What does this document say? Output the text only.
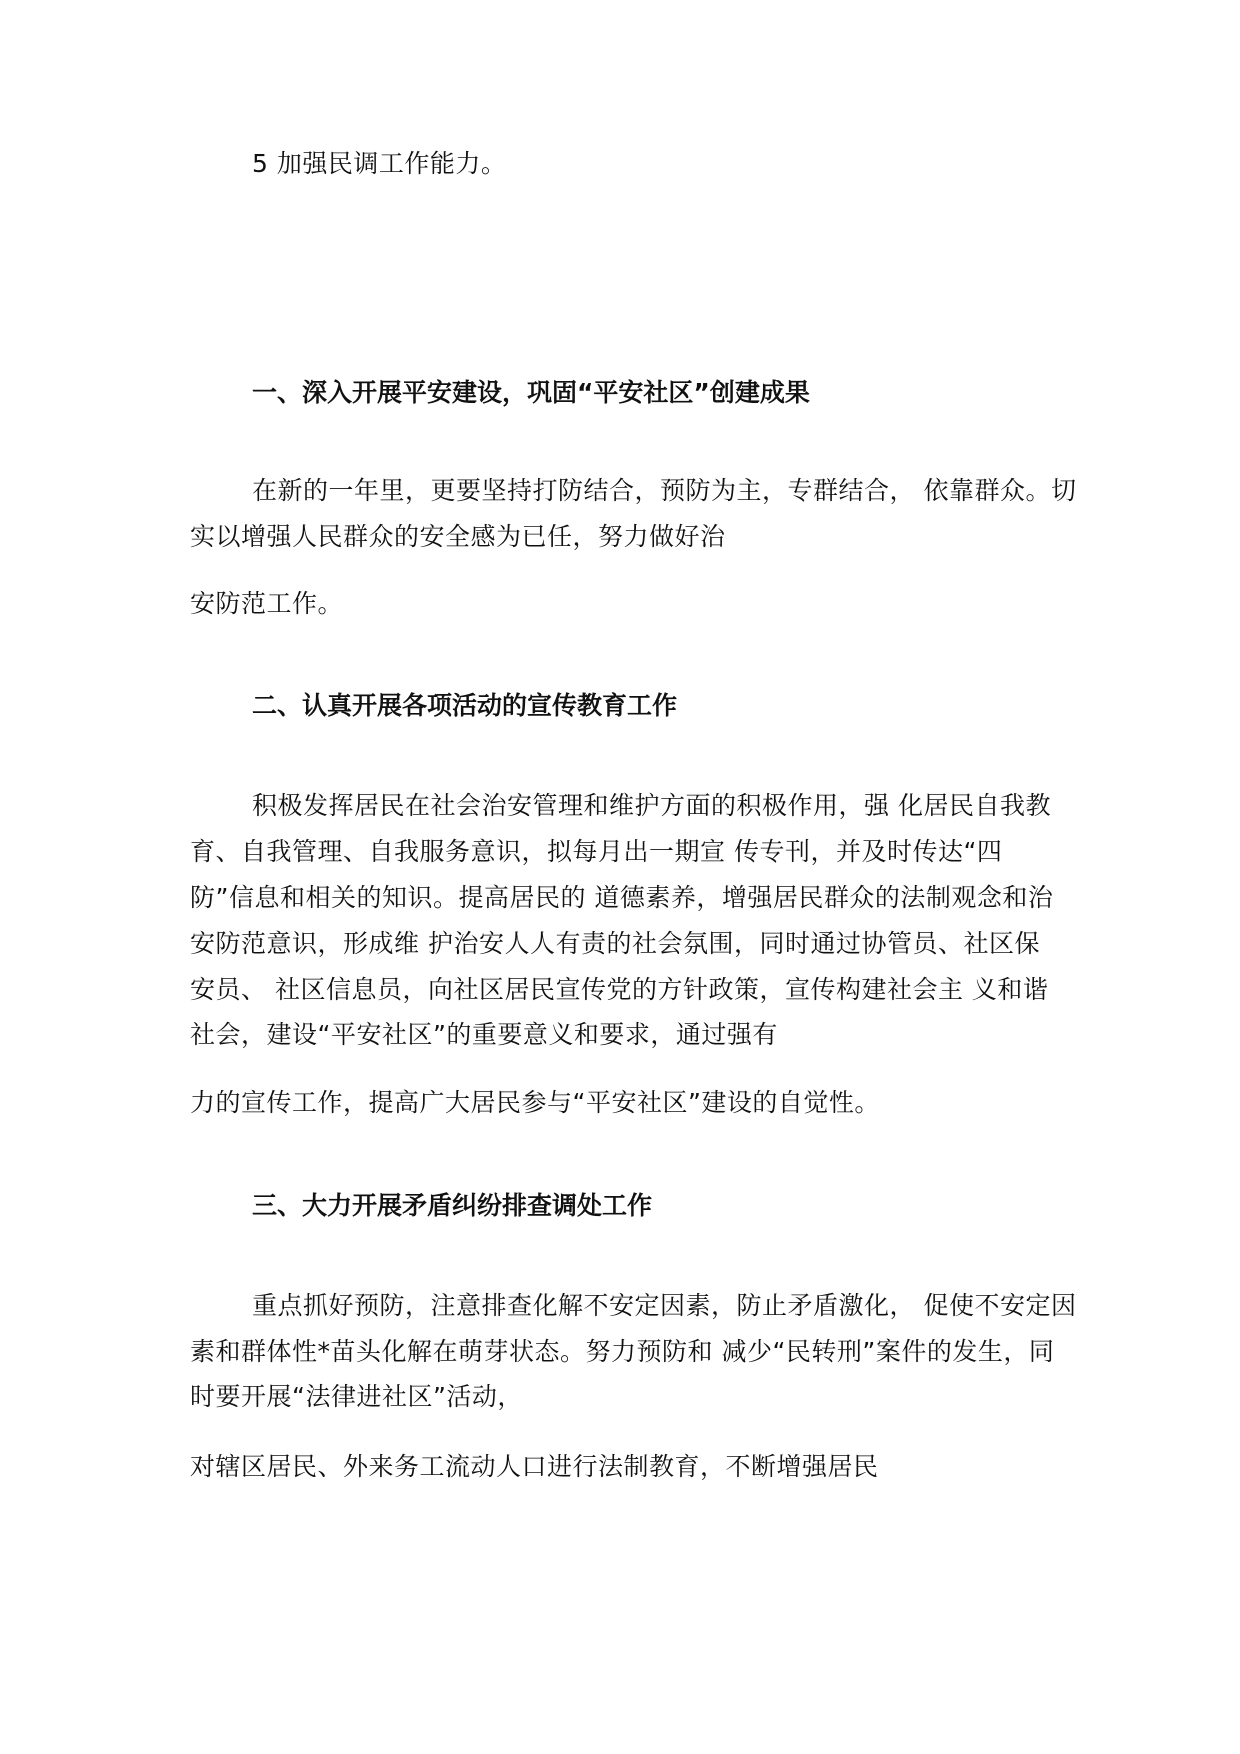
5 加强民调工作能力。
一、深入开展平安建设，巩固“平安社区”创建成果
在新的一年里，更要坚持打防结合，预防为主，专群结合， 依靠群众。切
实以增强人民群众的安全感为已任，努力做好治
安防范工作。
二、认真开展各项活动的宣传教育工作
积极发挥居民在社会治安管理和维护方面的积极作用，强 化居民自我教
育、自我管理、自我服务意识，拟每月出一期宣 传专刊，并及时传达“四
防”信息和相关的知识。提高居民的 道德素养，增强居民群众的法制观念和治
安防范意识，形成维 护治安人人有责的社会氛围，同时通过协管员、社区保
安员、 社区信息员，向社区居民宣传党的方针政策，宣传构建社会主 义和谐
社会，建设“平安社区”的重要意义和要求，通过强有
力的宣传工作，提高广大居民参与“平安社区”建设的自觉性。
三、大力开展矛盾纠纷排查调处工作
重点抓好预防，注意排查化解不安定因素，防止矛盾激化， 促使不安定因
素和群体性*苗头化解在萌芽状态。努力预防和 减少“民转刑”案件的发生，同
时要开展“法律进社区”活动，
对辖区居民、外来务工流动人口进行法制教育，不断增强居民
